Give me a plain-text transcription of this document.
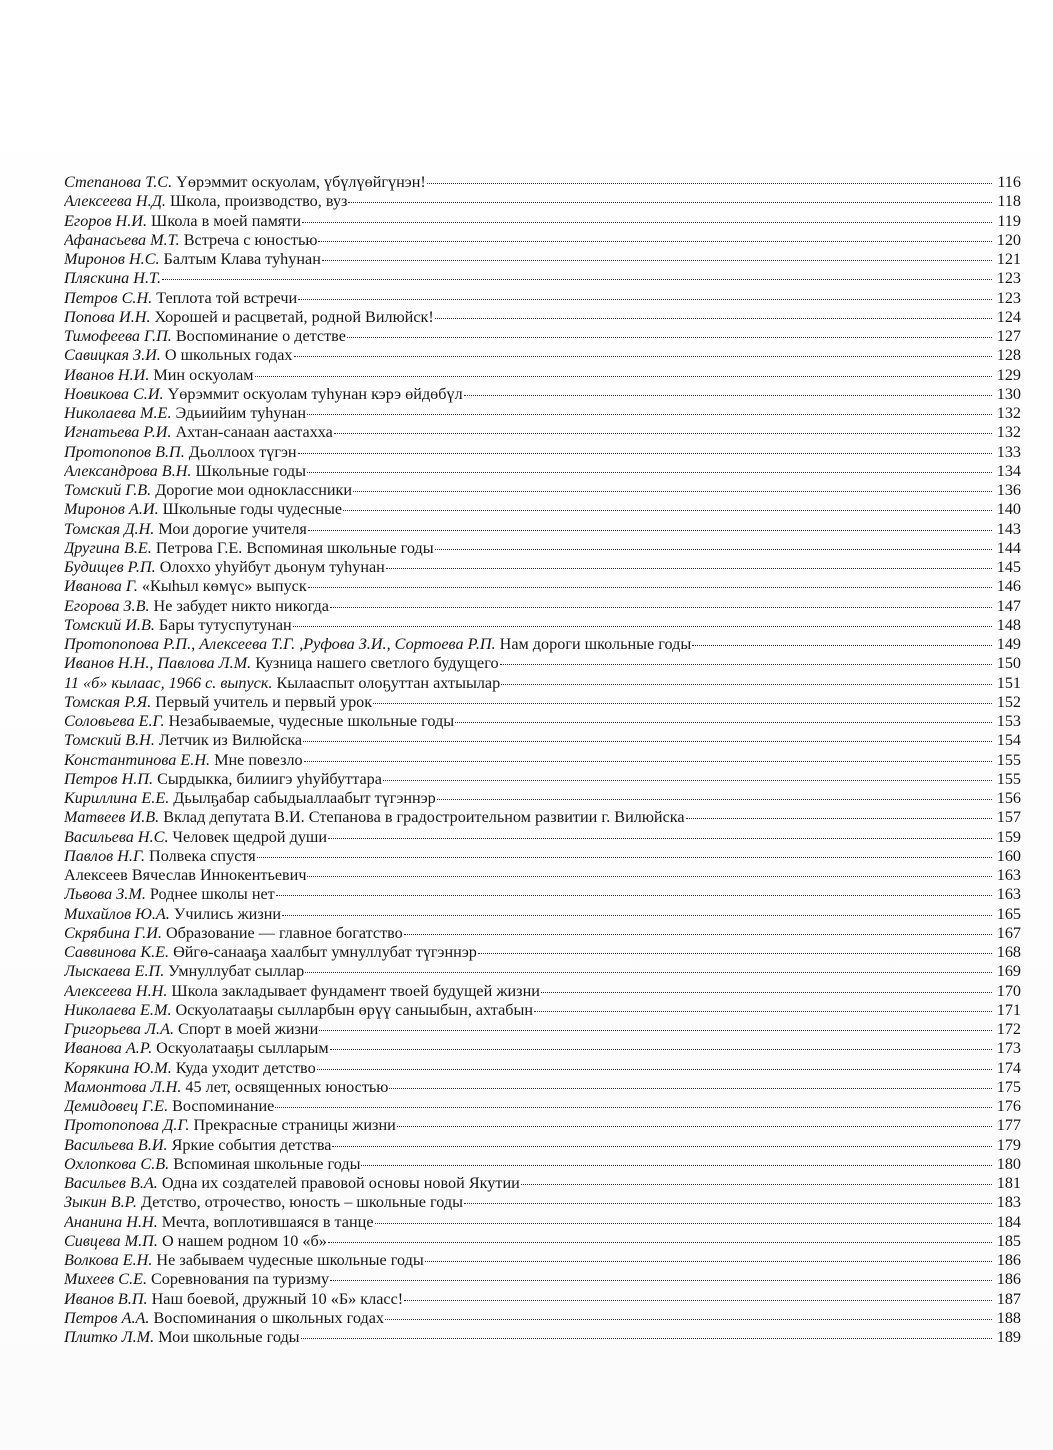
Степанова Т.С. Үөрэммит оскуолам, үбүлүөйгүнэн!	116
Алексеева Н.Д. Школа, производство, вуз	118
Егоров Н.И. Школа в моей памяти	119
Афанасьева М.Т. Встреча с юностью	120
Миронов Н.С. Балтым Клава туһунан	121
Пляскина Н.Т.	123
Петров С.Н. Теплота той встречи	123
Попова И.Н. Хорошей и расцветай, родной Вилюйск!	124
Тимофеева Г.П. Воспоминание о детстве	127
Савицкая З.И. О школьных годах	128
Иванов Н.И. Мин оскуолам	129
Новикова С.И. Үөрэммит оскуолам туһунан кэрэ өйдөбүл	130
Николаева М.Е. Эдьиийим туһунан	132
Игнатьева Р.И. Ахтан-санаан аастахха	132
Протопопов В.П. Дьоллоох түгэн	133
Александрова В.Н. Школьные годы	134
Томский Г.В. Дорогие мои одноклассники	136
Миронов А.И. Школьные годы чудесные	140
Томская Д.Н. Мои дорогие учителя	143
Другина В.Е. Петрова Г.Е. Вспоминая школьные годы	144
Будищев Р.П. Олоххо уһуйбут дьонум туһунан	145
Иванова Г. «Кыһыл көмүс» выпуск	146
Егорова З.В. Не забудет никто никогда	147
Томский И.В. Бары тутуспутунан	148
Протопопова Р.П., Алексеева Т.Г. ,Руфова З.И., Сортоева Р.П. Нам дороги школьные годы	149
Иванов Н.Н., Павлова Л.М. Кузница нашего светлого будущего	150
11 «б» кылаас, 1966 с. выпуск. Кылааспыт олоҕуттан ахтыылар	151
Томская Р.Я. Первый учитель и первый урок	152
Соловьева Е.Г. Незабываемые, чудесные школьные годы	153
Томский В.Н. Летчик из Вилюйска	154
Константинова Е.Н. Мне повезло	155
Петров Н.П. Сырдыкка, билиигэ уһуйбуттара	155
Кириллина Е.Е. Дьылҕабар сабыдыаллаабыт түгэннэр	156
Матвеев И.В. Вклад депутата В.И. Степанова в градостроительном развитии г. Вилюйска	157
Васильева Н.С. Человек щедрой души	159
Павлов Н.Г. Полвека спустя	160
Алексеев Вячеслав Иннокентьевич	163
Львова З.М. Роднее школы нет	163
Михайлов Ю.А. Учились жизни	165
Скрябина Г.И. Образование — главное богатство	167
Саввинова К.Е. Өйгө-санааҕа хаалбыт умнуллубат түгэннэр	168
Лыскаева Е.П. Умнуллубат сыллар	169
Алексеева Н.Н. Школа закладывает фундамент твоей будущей жизни	170
Николаева Е.М. Оскуолатааҕы сылларбын өрүү саныыбын, ахтабын	171
Григорьева Л.А. Спорт в моей жизни	172
Иванова А.Р. Оскуолатааҕы сылларым	173
Корякина Ю.М. Куда уходит детство	174
Мамонтова Л.Н. 45 лет, освященных юностью	175
Демидовец Г.Е. Воспоминание	176
Протопопова Д.Г. Прекрасные страницы жизни	177
Васильева В.И. Яркие события детства	179
Охлопкова С.В. Вспоминая школьные годы	180
Васильев В.А. Одна их создателей правовой основы новой Якутии	181
Зыкин В.Р. Детство, отрочество, юность – школьные годы	183
Ананина Н.Н. Мечта, воплотившаяся в танце	184
Сивцева М.П. О нашем родном 10 «б»	185
Волкова Е.Н. Не забываем чудесные школьные годы	186
Михеев С.Е. Соревнования па туризму	186
Иванов В.П. Наш боевой, дружный 10 «Б» класс!	187
Петров А.А. Воспоминания о школьных годах	188
Плитко Л.М. Мои школьные годы	189
